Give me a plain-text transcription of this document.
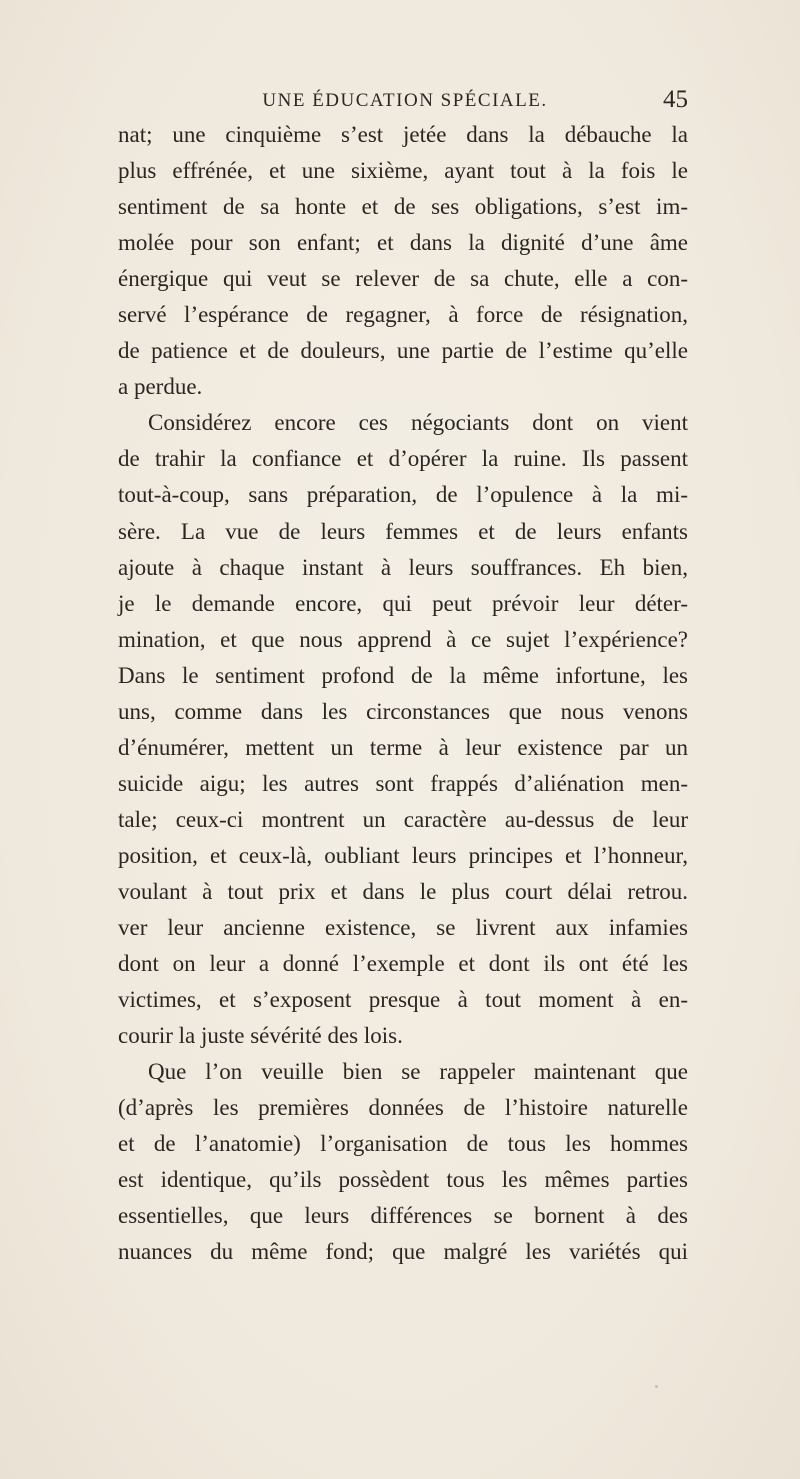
UNE ÉDUCATION SPÉCIALE.	45
nat; une cinquième s’est jetée dans la débauche la
plus effrénée, et une sixième, ayant tout à la fois le
sentiment de sa honte et de ses obligations, s’est im-
molée pour son enfant; et dans la dignité d’une âme
énergique qui veut se relever de sa chute, elle a con-
servé l’espérance de regagner, à force de résignation,
de patience et de douleurs, une partie de l’estime qu’elle
a perdue.
Considérez encore ces négociants dont on vient
de trahir la confiance et d’opérer la ruine. Ils passent
tout-à-coup, sans préparation, de l’opulence à la mi-
sère. La vue de leurs femmes et de leurs enfants
ajoute à chaque instant à leurs souffrances. Eh bien,
je le demande encore, qui peut prévoir leur déter-
mination, et que nous apprend à ce sujet l’expérience?
Dans le sentiment profond de la même infortune, les
uns, comme dans les circonstances que nous venons
d’énumérer, mettent un terme à leur existence par un
suicide aigu; les autres sont frappés d’aliénation men-
tale; ceux-ci montrent un caractère au-dessus de leur
position, et ceux-là, oubliant leurs principes et l’honneur,
voulant à tout prix et dans le plus court délai retrou.
ver leur ancienne existence, se livrent aux infamies
dont on leur a donné l’exemple et dont ils ont été les
victimes, et s’exposent presque à tout moment à en-
courir la juste sévérité des lois.
Que l’on veuille bien se rappeler maintenant que
(d’après les premières données de l’histoire naturelle
et de l’anatomie) l’organisation de tous les hommes
est identique, qu’ils possèdent tous les mêmes parties
essentielles, que leurs différences se bornent à des
nuances du même fond; que malgré les variétés qui
